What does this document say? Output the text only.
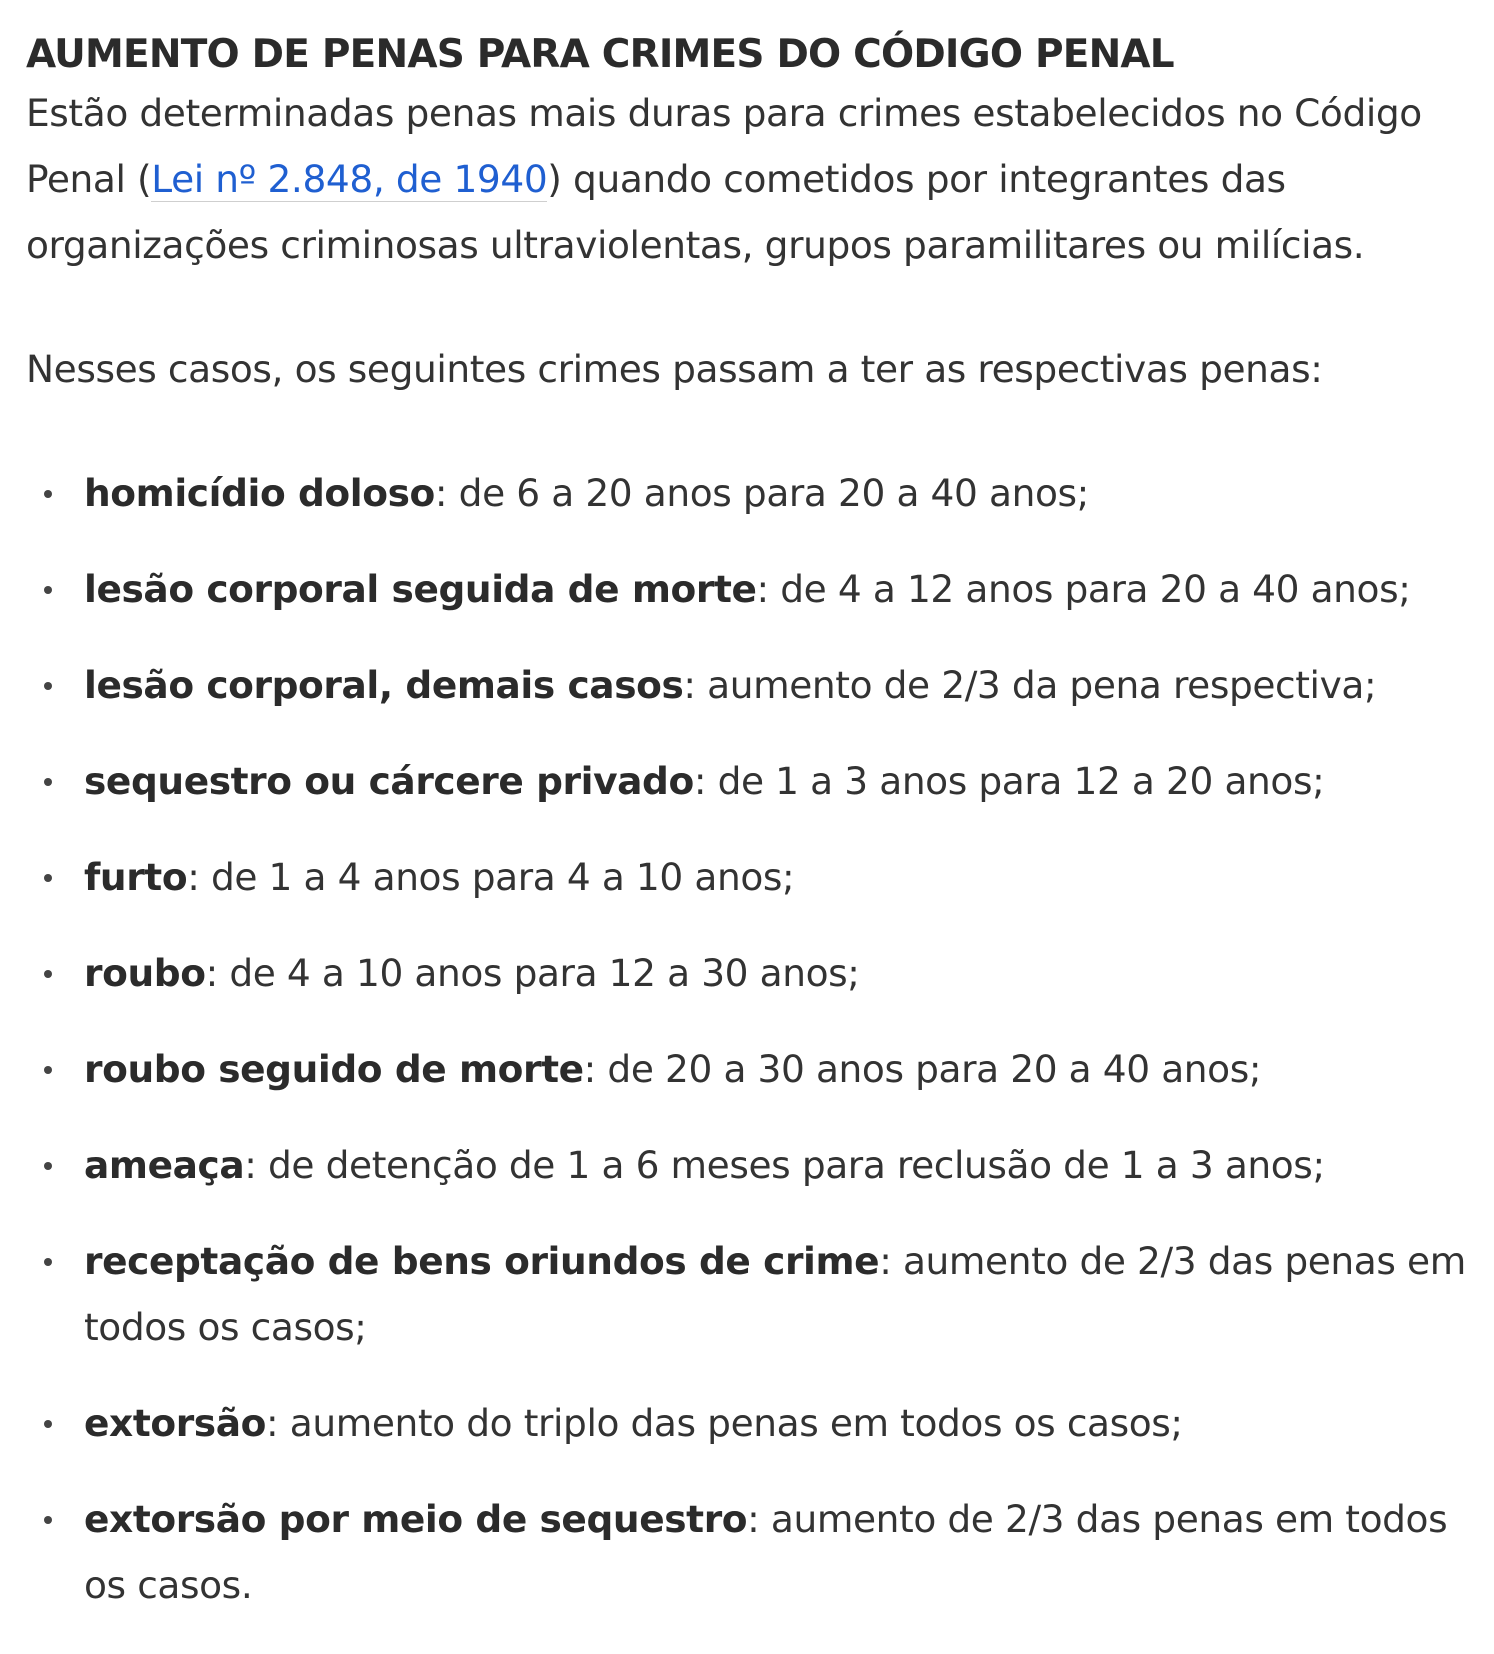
AUMENTO DE PENAS PARA CRIMES DO CÓDIGO PENAL

Estão determinadas penas mais duras para crimes estabelecidos no Código Penal (Lei nº 2.848, de 1940) quando cometidos por integrantes das organizações criminosas ultraviolentas, grupos paramilitares ou milícias.

Nesses casos, os seguintes crimes passam a ter as respectivas penas:

homicídio doloso: de 6 a 20 anos para 20 a 40 anos;
lesão corporal seguida de morte: de 4 a 12 anos para 20 a 40 anos;
lesão corporal, demais casos: aumento de 2/3 da pena respectiva;
sequestro ou cárcere privado: de 1 a 3 anos para 12 a 20 anos;
furto: de 1 a 4 anos para 4 a 10 anos;
roubo: de 4 a 10 anos para 12 a 30 anos;
roubo seguido de morte: de 20 a 30 anos para 20 a 40 anos;
ameaça: de detenção de 1 a 6 meses para reclusão de 1 a 3 anos;
receptação de bens oriundos de crime: aumento de 2/3 das penas em todos os casos;
extorsão: aumento do triplo das penas em todos os casos;
extorsão por meio de sequestro: aumento de 2/3 das penas em todos os casos.
